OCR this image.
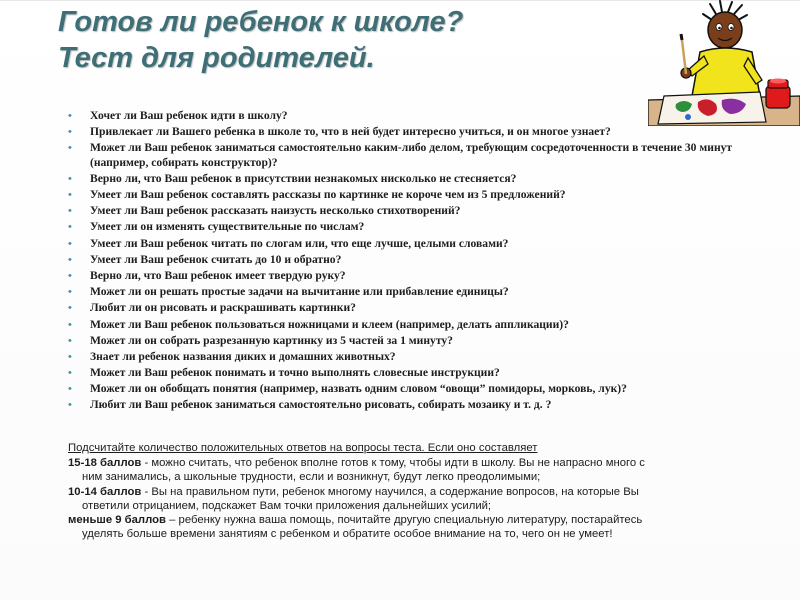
Готов ли ребенок к школе?
Тест для родителей.
• Хочет ли Ваш ребенок идти в школу?
• Привлекает ли Вашего ребенка в школе то, что в ней будет интересно учиться, и он многое узнает?
• Может ли Ваш ребенок заниматься самостоятельно каким-либо делом, требующим сосредоточенности в течение 30 минут (например, собирать конструктор)?
• Верно ли, что Ваш ребенок в присутствии незнакомых нисколько не стесняется?
• Умеет ли Ваш ребенок составлять рассказы по картинке не короче чем из 5 предложений?
• Умеет ли Ваш ребенок рассказать наизусть несколько стихотворений?
• Умеет ли он изменять существительные по числам?
• Умеет ли Ваш ребенок читать по слогам или, что еще лучше, целыми словами?
• Умеет ли Ваш ребенок считать до 10 и обратно?
• Верно ли, что Ваш ребенок имеет твердую руку?
• Может ли он решать простые задачи на вычитание или прибавление единицы?
• Любит ли он рисовать и раскрашивать картинки?
• Может ли Ваш ребенок пользоваться ножницами и клеем (например, делать аппликации)?
• Может ли он собрать разрезанную картинку из 5 частей за 1 минуту?
• Знает ли ребенок названия диких и домашних животных?
• Может ли Ваш ребенок понимать и точно выполнять словесные инструкции?
• Может ли он обобщать понятия (например, назвать одним словом “овощи” помидоры, морковь, лук)?
• Любит ли Ваш ребенок заниматься самостоятельно рисовать, собирать мозаику и т. д. ?
Подсчитайте количество положительных ответов на вопросы теста. Если оно составляет
15-18 баллов - можно считать, что ребенок вполне готов к тому, чтобы идти в школу. Вы не напрасно много с
ним занимались, а школьные трудности, если и возникнут, будут легко преодолимыми;
10-14 баллов - Вы на правильном пути, ребенок многому научился, а содержание вопросов, на которые Вы
ответили отрицанием, подскажет Вам точки приложения дальнейших усилий;
меньше 9 баллов – ребенку нужна ваша помощь, почитайте другую специальную литературу, постарайтесь
уделять больше времени занятиям с ребенком и обратите особое внимание на то, чего он не умеет!
